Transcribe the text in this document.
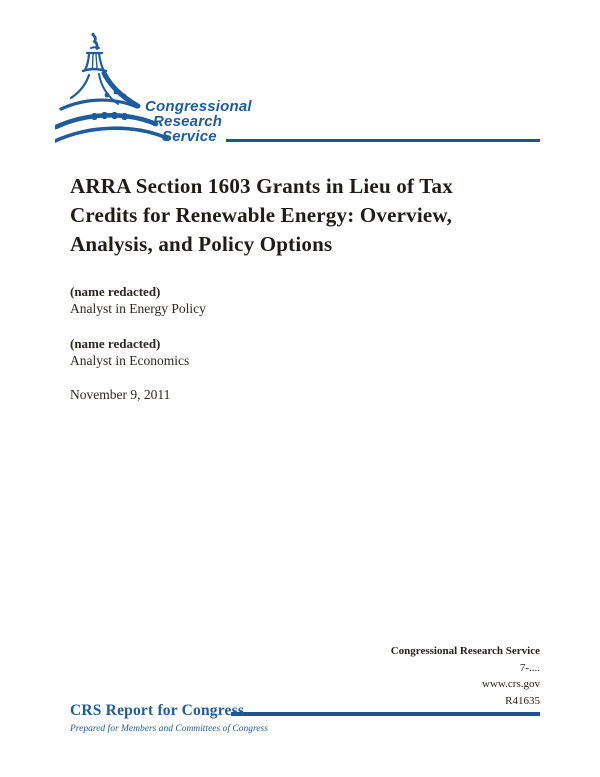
Congressional
Research
Service
ARRA Section 1603 Grants in Lieu of Tax
Credits for Renewable Energy: Overview,
Analysis, and Policy Options
(name redacted)
Analyst in Energy Policy
(name redacted)
Analyst in Economics
November 9, 2011
Congressional Research Service
7-....
www.crs.gov
R41635
CRS Report for Congress
Prepared for Members and Committees of Congress
